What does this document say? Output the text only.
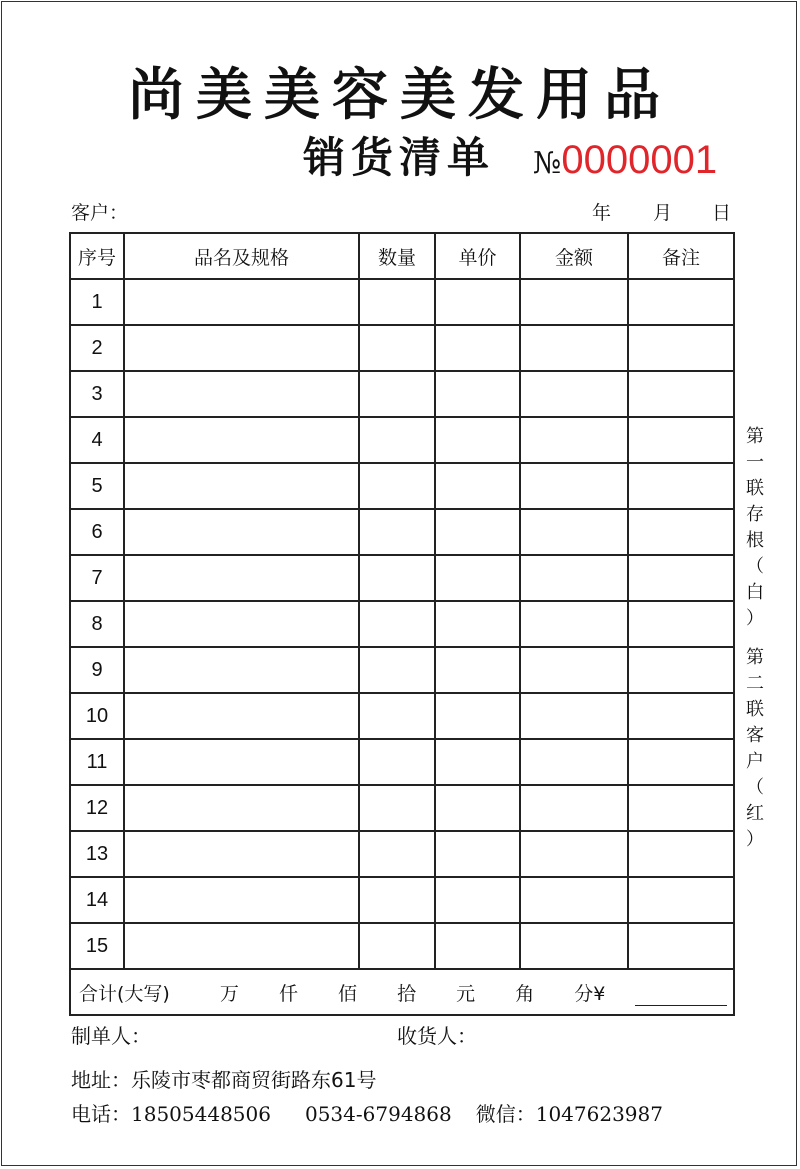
尚美美容美发用品
销货清单 №0000001
客户：	年 月 日
序号	品名及规格	数量	单价	金额	备注
1					
2					
3					
4					
5					
6					
7					
8					
9					
10					
11					
12					
13					
14					
15					
合计(大写) 万 仟 佰 拾 元 角 分¥					
第
一
联
存
根
（
白
）
第
二
联
客
户
（
红
）
制单人：	收货人：
地址：乐陵市枣都商贸街路东61号
电话：18505448506 0534-6794868 微信：1047623987
